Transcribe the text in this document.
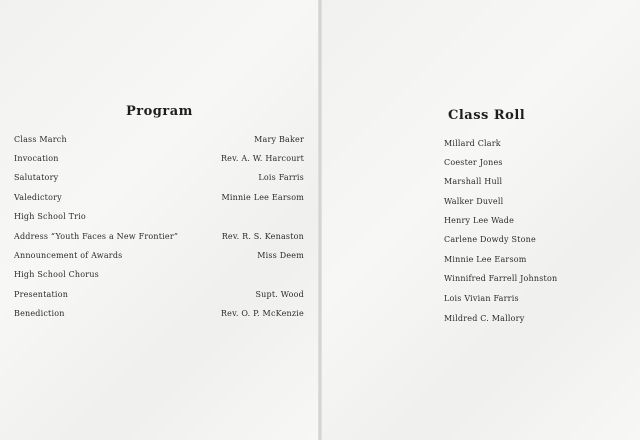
Program
Class March	Mary Baker
Invocation	Rev. A. W. Harcourt
Salutatory	Lois Farris
Valedictory	Minnie Lee Earsom
High School Trio
Address “Youth Faces a New Frontier”	Rev. R. S. Kenaston
Announcement of Awards	Miss Deem
High School Chorus
Presentation	Supt. Wood
Benediction	Rev. O. P. McKenzie
Class Roll
Millard Clark
Coester Jones
Marshall Hull
Walker Duvell
Henry Lee Wade
Carlene Dowdy Stone
Minnie Lee Earsom
Winnifred Farrell Johnston
Lois Vivian Farris
Mildred C. Mallory
